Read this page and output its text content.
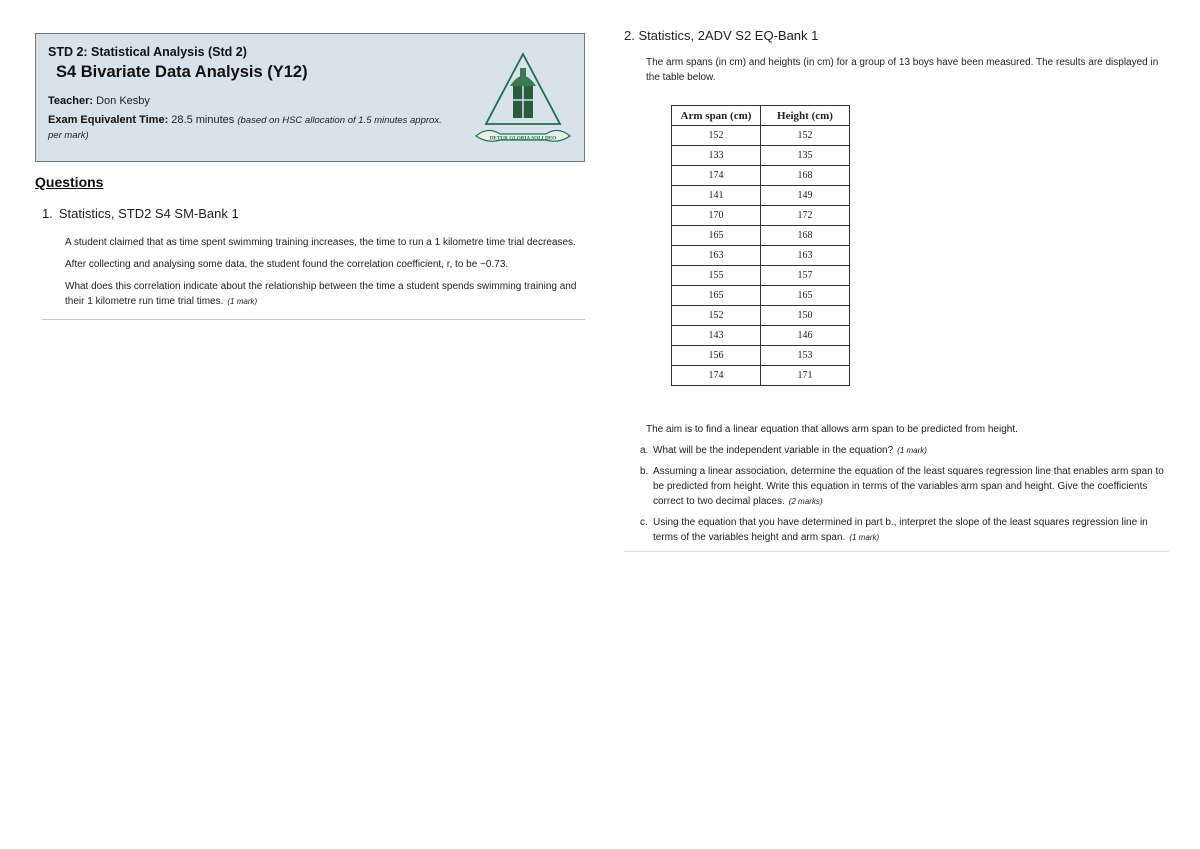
STD 2: Statistical Analysis (Std 2)
S4 Bivariate Data Analysis (Y12)
Teacher: Don Kesby
Exam Equivalent Time: 28.5 minutes (based on HSC allocation of 1.5 minutes approx. per mark)	DETUR GLORIA SOLI DEO
Questions
1. Statistics, STD2 S4 SM-Bank 1

A student claimed that as time spent swimming training increases, the time to run a 1 kilometre time trial decreases.

After collecting and analysing some data, the student found the correlation coefficient, r, to be −0.73.

What does this correlation indicate about the relationship between the time a student spends swimming training and their 1 kilometre run time trial times. (1 mark)

2. Statistics, 2ADV S2 EQ-Bank 1
The arm spans (in cm) and heights (in cm) for a group of 13 boys have been measured. The results are displayed in the table below.
Arm span (cm)	Height (cm)
152	152
133	135
174	168
141	149
170	172
165	168
163	163
155	157
165	165
152	150
143	146
156	153
174	171
The aim is to find a linear equation that allows arm span to be predicted from height.
a. What will be the independent variable in the equation? (1 mark)
b. Assuming a linear association, determine the equation of the least squares regression line that enables arm span to be predicted from height. Write this equation in terms of the variables arm span and height. Give the coefficients correct to two decimal places. (2 marks)
c. Using the equation that you have determined in part b., interpret the slope of the least squares regression line in terms of the variables height and arm span. (1 mark)
